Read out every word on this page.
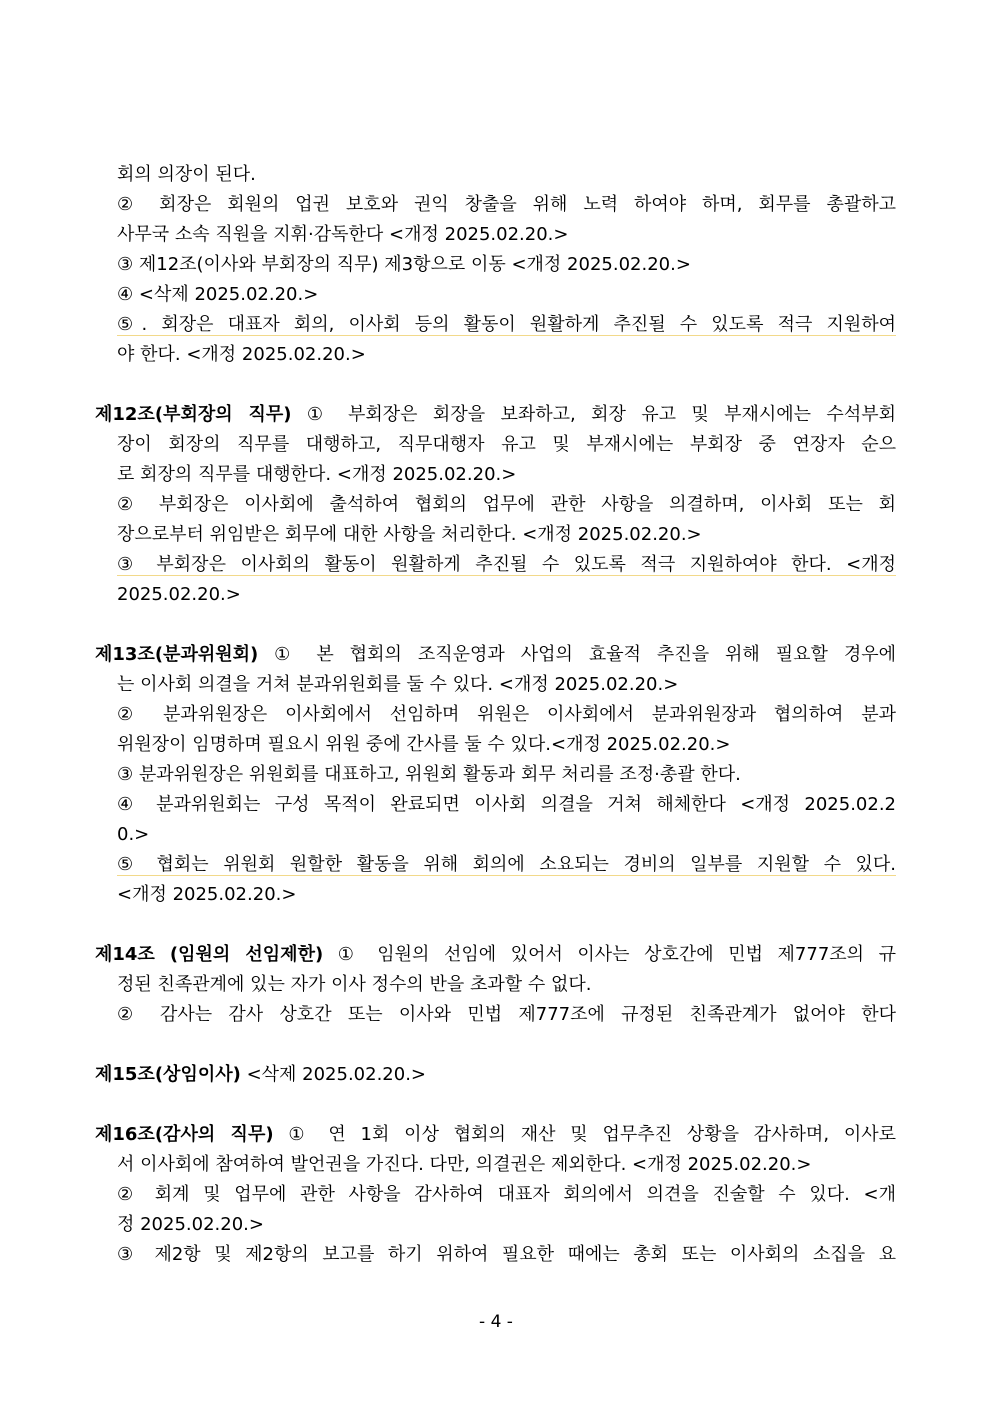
- 4 -
회의 의장이 된다.
② 회장은 회원의 업권 보호와 권익 창출을 위해 노력 하여야 하며, 회무를 총괄하고
사무국 소속 직원을 지휘·감독한다 <개정 2025.02.20.>
③ 제12조(이사와 부회장의 직무) 제3항으로 이동 <개정 2025.02.20.>
④ <삭제 2025.02.20.>
⑤. 회장은 대표자 회의, 이사회 등의 활동이 원활하게 추진될 수 있도록 적극 지원하여
야 한다. <개정 2025.02.20.>
제12조(부회장의 직무) ① 부회장은 회장을 보좌하고, 회장 유고 및 부재시에는 수석부회
장이 회장의 직무를 대행하고, 직무대행자 유고 및 부재시에는 부회장 중 연장자 순으
로 회장의 직무를 대행한다. <개정 2025.02.20.>
② 부회장은 이사회에 출석하여 협회의 업무에 관한 사항을 의결하며, 이사회 또는 회
장으로부터 위임받은 회무에 대한 사항을 처리한다. <개정 2025.02.20.>
③ 부회장은 이사회의 활동이 원활하게 추진될 수 있도록 적극 지원하여야 한다. <개정
2025.02.20.>
제13조(분과위원회) ① 본 협회의 조직운영과 사업의 효율적 추진을 위해 필요할 경우에
는 이사회 의결을 거쳐 분과위원회를 둘 수 있다. <개정 2025.02.20.>
② 분과위원장은 이사회에서 선임하며 위원은 이사회에서 분과위원장과 협의하여 분과
위원장이 임명하며 필요시 위원 중에 간사를 둘 수 있다.<개정 2025.02.20.>
③ 분과위원장은 위원회를 대표하고, 위원회 활동과 회무 처리를 조정·총괄 한다.
④ 분과위원회는 구성 목적이 완료되면 이사회 의결을 거쳐 해체한다 <개정 2025.02.2
0.>
⑤ 협회는 위원회 원할한 활동을 위해 회의에 소요되는 경비의 일부를 지원할 수 있다.
<개정 2025.02.20.>
제14조 (임원의 선임제한) ① 임원의 선임에 있어서 이사는 상호간에 민법 제777조의 규
정된 친족관계에 있는 자가 이사 정수의 반을 초과할 수 없다.
② 감사는 감사 상호간 또는 이사와 민법 제777조에 규정된 친족관계가 없어야 한다
제15조(상임이사) <삭제 2025.02.20.>
제16조(감사의 직무) ① 연 1회 이상 협회의 재산 및 업무추진 상황을 감사하며, 이사로
서 이사회에 참여하여 발언권을 가진다. 다만, 의결권은 제외한다. <개정 2025.02.20.>
② 회계 및 업무에 관한 사항을 감사하여 대표자 회의에서 의견을 진술할 수 있다. <개
정 2025.02.20.>
③ 제2항 및 제2항의 보고를 하기 위하여 필요한 때에는 총회 또는 이사회의 소집을 요
